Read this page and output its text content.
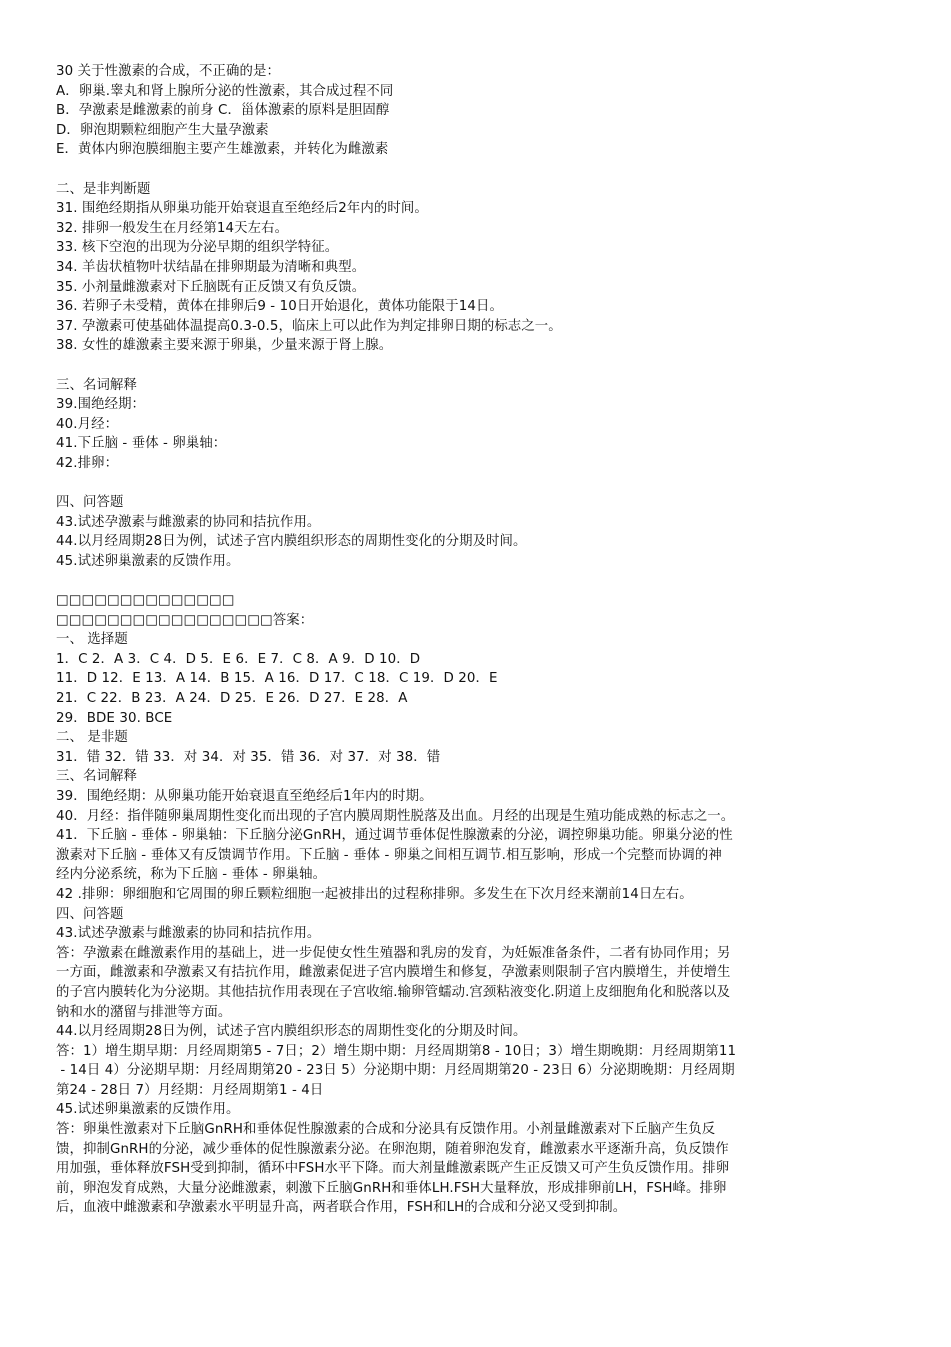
30 关于性激素的合成，不正确的是：
A．卵巢.睾丸和肾上腺所分泌的性激素，其合成过程不同
B．孕激素是雌激素的前身 C．甾体激素的原料是胆固醇
D．卵泡期颗粒细胞产生大量孕激素
E．黄体内卵泡膜细胞主要产生雄激素，并转化为雌激素
二、是非判断题
31. 围绝经期指从卵巢功能开始衰退直至绝经后2年内的时间。
32. 排卵一般发生在月经第14天左右。
33. 核下空泡的出现为分泌早期的组织学特征。
34. 羊齿状植物叶状结晶在排卵期最为清晰和典型。
35. 小剂量雌激素对下丘脑既有正反馈又有负反馈。
36. 若卵子未受精，黄体在排卵后9 - 10日开始退化，黄体功能限于14日。
37. 孕激素可使基础体温提高0.3-0.5，临床上可以此作为判定排卵日期的标志之一。
38. 女性的雄激素主要来源于卵巢，少量来源于肾上腺。
三、名词解释
39.围绝经期：
40.月经：
41.下丘脑 - 垂体 - 卵巢轴：
42.排卵：
四、问答题
43.试述孕激素与雌激素的协同和拮抗作用。
44.以月经周期28日为例，试述子宫内膜组织形态的周期性变化的分期及时间。
45.试述卵巢激素的反馈作用。
□□□□□□□□□□□□□□
□□□□□□□□□□□□□□□□□答案：
一、 选择题
1．C 2．A 3．C 4．D 5．E 6．E 7．C 8．A 9．D 10．D
11．D 12．E 13．A 14．B 15．A 16．D 17．C 18．C 19．D 20．E
21．C 22．B 23．A 24．D 25．E 26．D 27．E 28．A
29．BDE 30. BCE
二、 是非题
31．错 32．错 33．对 34．对 35．错 36．对 37．对 38．错
三、名词解释
39．围绝经期：从卵巢功能开始衰退直至绝经后1年内的时期。
40．月经：指伴随卵巢周期性变化而出现的子宫内膜周期性脱落及出血。月经的出现是生殖功能成熟的标志之一。
41．下丘脑 - 垂体 - 卵巢轴：下丘脑分泌GnRH，通过调节垂体促性腺激素的分泌，调控卵巢功能。卵巢分泌的性
激素对下丘脑 - 垂体又有反馈调节作用。下丘脑 - 垂体 - 卵巢之间相互调节.相互影响，形成一个完整而协调的神
经内分泌系统，称为下丘脑 - 垂体 - 卵巢轴。
42 .排卵：卵细胞和它周围的卵丘颗粒细胞一起被排出的过程称排卵。多发生在下次月经来潮前14日左右。
四、问答题
43.试述孕激素与雌激素的协同和拮抗作用。
答：孕激素在雌激素作用的基础上，进一步促使女性生殖器和乳房的发育，为妊娠准备条件，二者有协同作用；另
一方面，雌激素和孕激素又有拮抗作用，雌激素促进子宫内膜增生和修复，孕激素则限制子宫内膜增生，并使增生
的子宫内膜转化为分泌期。其他拮抗作用表现在子宫收缩.输卵管蠕动.宫颈粘液变化.阴道上皮细胞角化和脱落以及
钠和水的潴留与排泄等方面。
44.以月经周期28日为例，试述子宫内膜组织形态的周期性变化的分期及时间。
答：1）增生期早期：月经周期第5 - 7日；2）增生期中期：月经周期第8 - 10日；3）增生期晚期：月经周期第11
- 14日 4）分泌期早期：月经周期第20 - 23日 5）分泌期中期：月经周期第20 - 23日 6）分泌期晚期：月经周期
第24 - 28日 7）月经期：月经周期第1 - 4日
45.试述卵巢激素的反馈作用。
答：卵巢性激素对下丘脑GnRH和垂体促性腺激素的合成和分泌具有反馈作用。小剂量雌激素对下丘脑产生负反
馈，抑制GnRH的分泌，减少垂体的促性腺激素分泌。在卵泡期，随着卵泡发育，雌激素水平逐渐升高，负反馈作
用加强，垂体释放FSH受到抑制，循环中FSH水平下降。而大剂量雌激素既产生正反馈又可产生负反馈作用。排卵
前，卵泡发育成熟，大量分泌雌激素，刺激下丘脑GnRH和垂体LH.FSH大量释放，形成排卵前LH，FSH峰。排卵
后，血液中雌激素和孕激素水平明显升高，两者联合作用，FSH和LH的合成和分泌又受到抑制。
